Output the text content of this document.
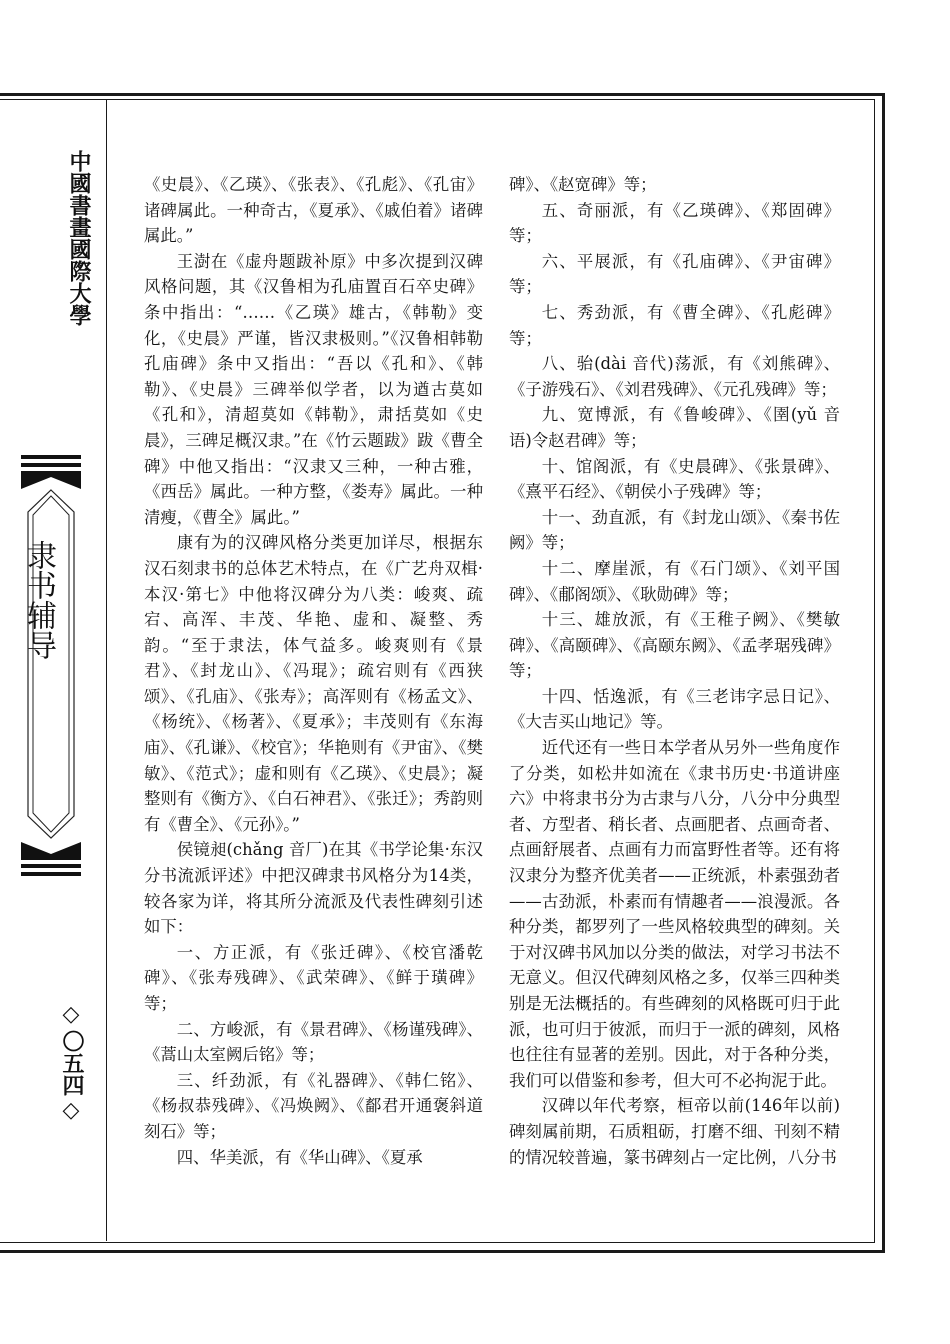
中國書畫國際大學
隶书辅导
◇
〇五四
◇

《史晨》、《乙瑛》、《张表》、《孔彪》、《孔宙》诸碑属此。一种奇古，《夏承》、《戚伯着》诸碑属此。”

王澍在《虚舟题跋补原》中多次提到汉碑风格问题，其《汉鲁相为孔庙置百石卒史碑》条中指出：“……《乙瑛》雄古，《韩勒》变化，《史晨》严谨，皆汉隶极则。”《汉鲁相韩勒孔庙碑》条中又指出：“吾以《孔和》、《韩勒》、《史晨》三碑举似学者，以为遒古莫如《孔和》，清超莫如《韩勒》，肃括莫如《史晨》，三碑足概汉隶。”在《竹云题跋》跋《曹全碑》中他又指出：“汉隶又三种，一种古雅，《西岳》属此。一种方整，《娄寿》属此。一种清瘦，《曹全》属此。”

康有为的汉碑风格分类更加详尽，根据东汉石刻隶书的总体艺术特点，在《广艺舟双楫·本汉·第七》中他将汉碑分为八类：峻爽、疏宕、高浑、丰茂、华艳、虚和、凝整、秀韵。“至于隶法，体气益多。峻爽则有《景君》、《封龙山》、《冯琨》；疏宕则有《西狭颂》、《孔庙》、《张寿》；高浑则有《杨孟文》、《杨统》、《杨著》、《夏承》；丰茂则有《东海庙》、《孔谦》、《校官》；华艳则有《尹宙》、《樊敏》、《范式》；虚和则有《乙瑛》、《史晨》；凝整则有《衡方》、《白石神君》、《张迁》；秀韵则有《曹全》、《元孙》。”

侯镜昶(chǎng 音厂)在其《书学论集·东汉分书流派评述》中把汉碑隶书风格分为14类，较各家为详，将其所分流派及代表性碑刻引述如下：

一、方正派，有《张迁碑》、《校官潘乾碑》、《张寿残碑》、《武荣碑》、《鲜于璜碑》等；

二、方峻派，有《景君碑》、《杨谨残碑》、《蒿山太室阙后铭》等；

三、纤劲派，有《礼器碑》、《韩仁铭》、《杨叔恭残碑》、《冯焕阙》、《鄐君开通褒斜道刻石》等；

四、华美派，有《华山碑》、《夏承

碑》、《赵宽碑》等；

五、奇丽派，有《乙瑛碑》、《郑固碑》等；

六、平展派，有《孔庙碑》、《尹宙碑》等；

七、秀劲派，有《曹全碑》、《孔彪碑》等；

八、骀(dài 音代)荡派，有《刘熊碑》、《子游残石》、《刘君残碑》、《元孔残碑》等；

九、宽博派，有《鲁峻碑》、《圉(yǔ 音语)令赵君碑》等；

十、馆阁派，有《史晨碑》、《张景碑》、《熹平石经》、《朝侯小子残碑》等；

十一、劲直派，有《封龙山颂》、《秦书佐阙》等；

十二、摩崖派，有《石门颂》、《刘平国碑》、《郙阁颂》、《耿勋碑》等；

十三、雄放派，有《王稚子阙》、《樊敏碑》、《高颐碑》、《高颐东阙》、《孟孝琚残碑》等；

十四、恬逸派，有《三老讳字忌日记》、《大吉买山地记》等。

近代还有一些日本学者从另外一些角度作了分类，如松井如流在《隶书历史·书道讲座六》中将隶书分为古隶与八分，八分中分典型者、方型者、稍长者、点画肥者、点画奇者、点画舒展者、点画有力而富野性者等。还有将汉隶分为整齐优美者——正统派，朴素强劲者——古劲派，朴素而有情趣者——浪漫派。各种分类，都罗列了一些风格较典型的碑刻。关于对汉碑书风加以分类的做法，对学习书法不无意义。但汉代碑刻风格之多，仅举三四种类别是无法概括的。有些碑刻的风格既可归于此派，也可归于彼派，而归于一派的碑刻，风格也往往有显著的差别。因此，对于各种分类，我们可以借鉴和参考，但大可不必拘泥于此。

汉碑以年代考察，桓帝以前(146年以前)碑刻属前期，石质粗砺，打磨不细、刊刻不精的情况较普遍，篆书碑刻占一定比例，八分书
